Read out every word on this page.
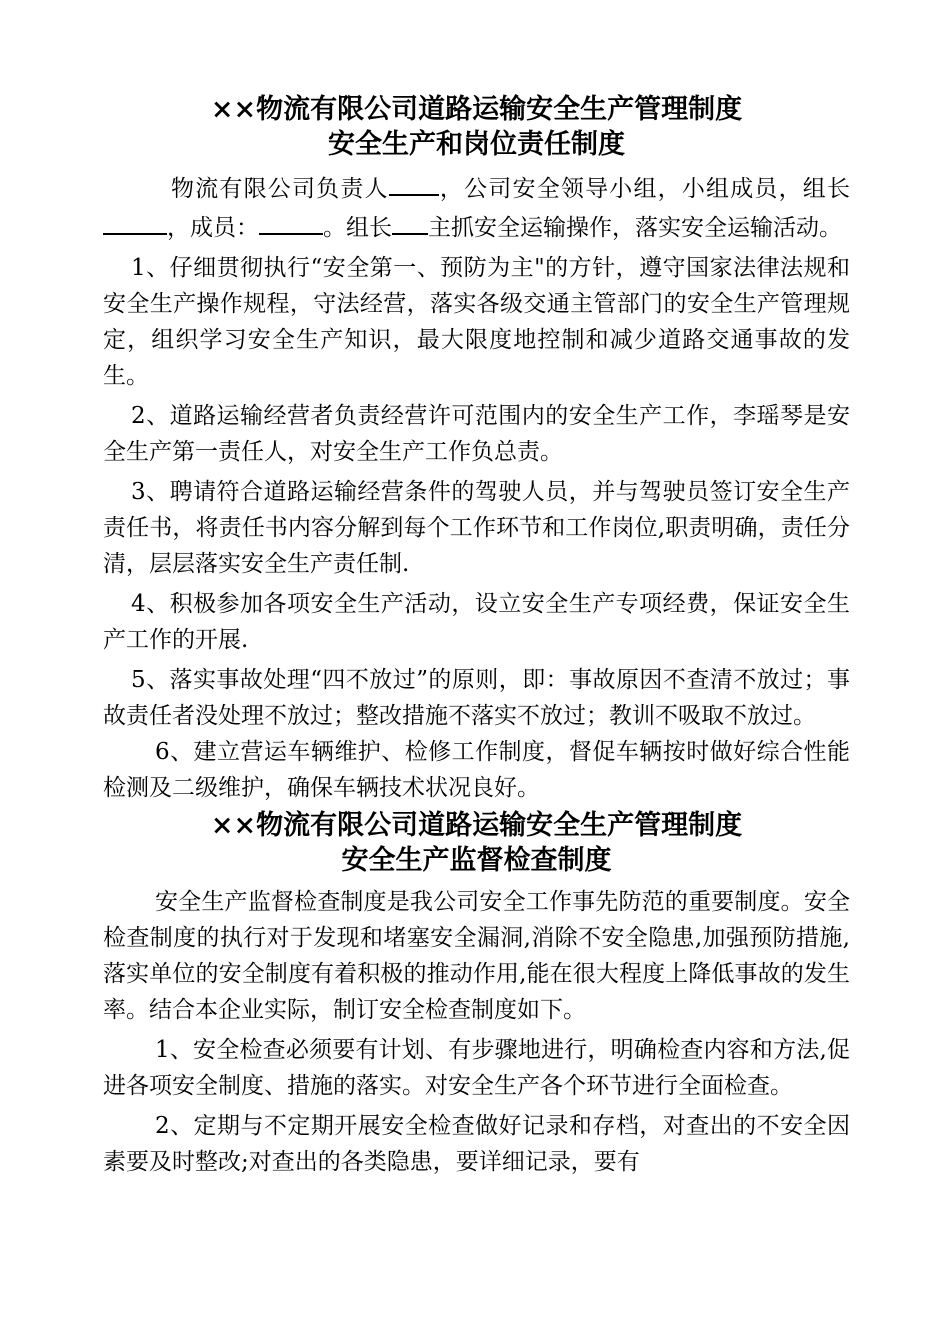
××物流有限公司道路运输安全生产管理制度
安全生产和岗位责任制度

物流有限公司负责人 ，公司安全领导小组，小组成员，组长，成员：	。组长 主抓安全运输操作，落实安全运输活动。

1、仔细贯彻执行“安全第一、预防为主"的方针，遵守国家法律法规和安全生产操作规程，守法经营，落实各级交通主管部门的安全生产管理规定，组织学习安全生产知识，最大限度地控制和减少道路交通事故的发生。

2、道路运输经营者负责经营许可范围内的安全生产工作，李瑶琴是安全生产第一责任人，对安全生产工作负总责。

3、聘请符合道路运输经营条件的驾驶人员，并与驾驶员签订安全生产责任书，将责任书内容分解到每个工作环节和工作岗位,职责明确，责任分清，层层落实安全生产责任制.

4、积极参加各项安全生产活动，设立安全生产专项经费，保证安全生产工作的开展.

5、落实事故处理“四不放过”的原则，即：事故原因不查清不放过；事故责任者没处理不放过；整改措施不落实不放过；教训不吸取不放过。

6、建立营运车辆维护、检修工作制度，督促车辆按时做好综合性能检测及二级维护，确保车辆技术状况良好。

××物流有限公司道路运输安全生产管理制度
安全生产监督检查制度

安全生产监督检查制度是我公司安全工作事先防范的重要制度。安全检查制度的执行对于发现和堵塞安全漏洞,消除不安全隐患,加强预防措施,落实单位的安全制度有着积极的推动作用,能在很大程度上降低事故的发生率。结合本企业实际，制订安全检查制度如下。

1、安全检查必须要有计划、有步骤地进行，明确检查内容和方法,促进各项安全制度、措施的落实。对安全生产各个环节进行全面检查。

2、定期与不定期开展安全检查做好记录和存档，对查出的不安全因素要及时整改;对查出的各类隐患，要详细记录，要有
